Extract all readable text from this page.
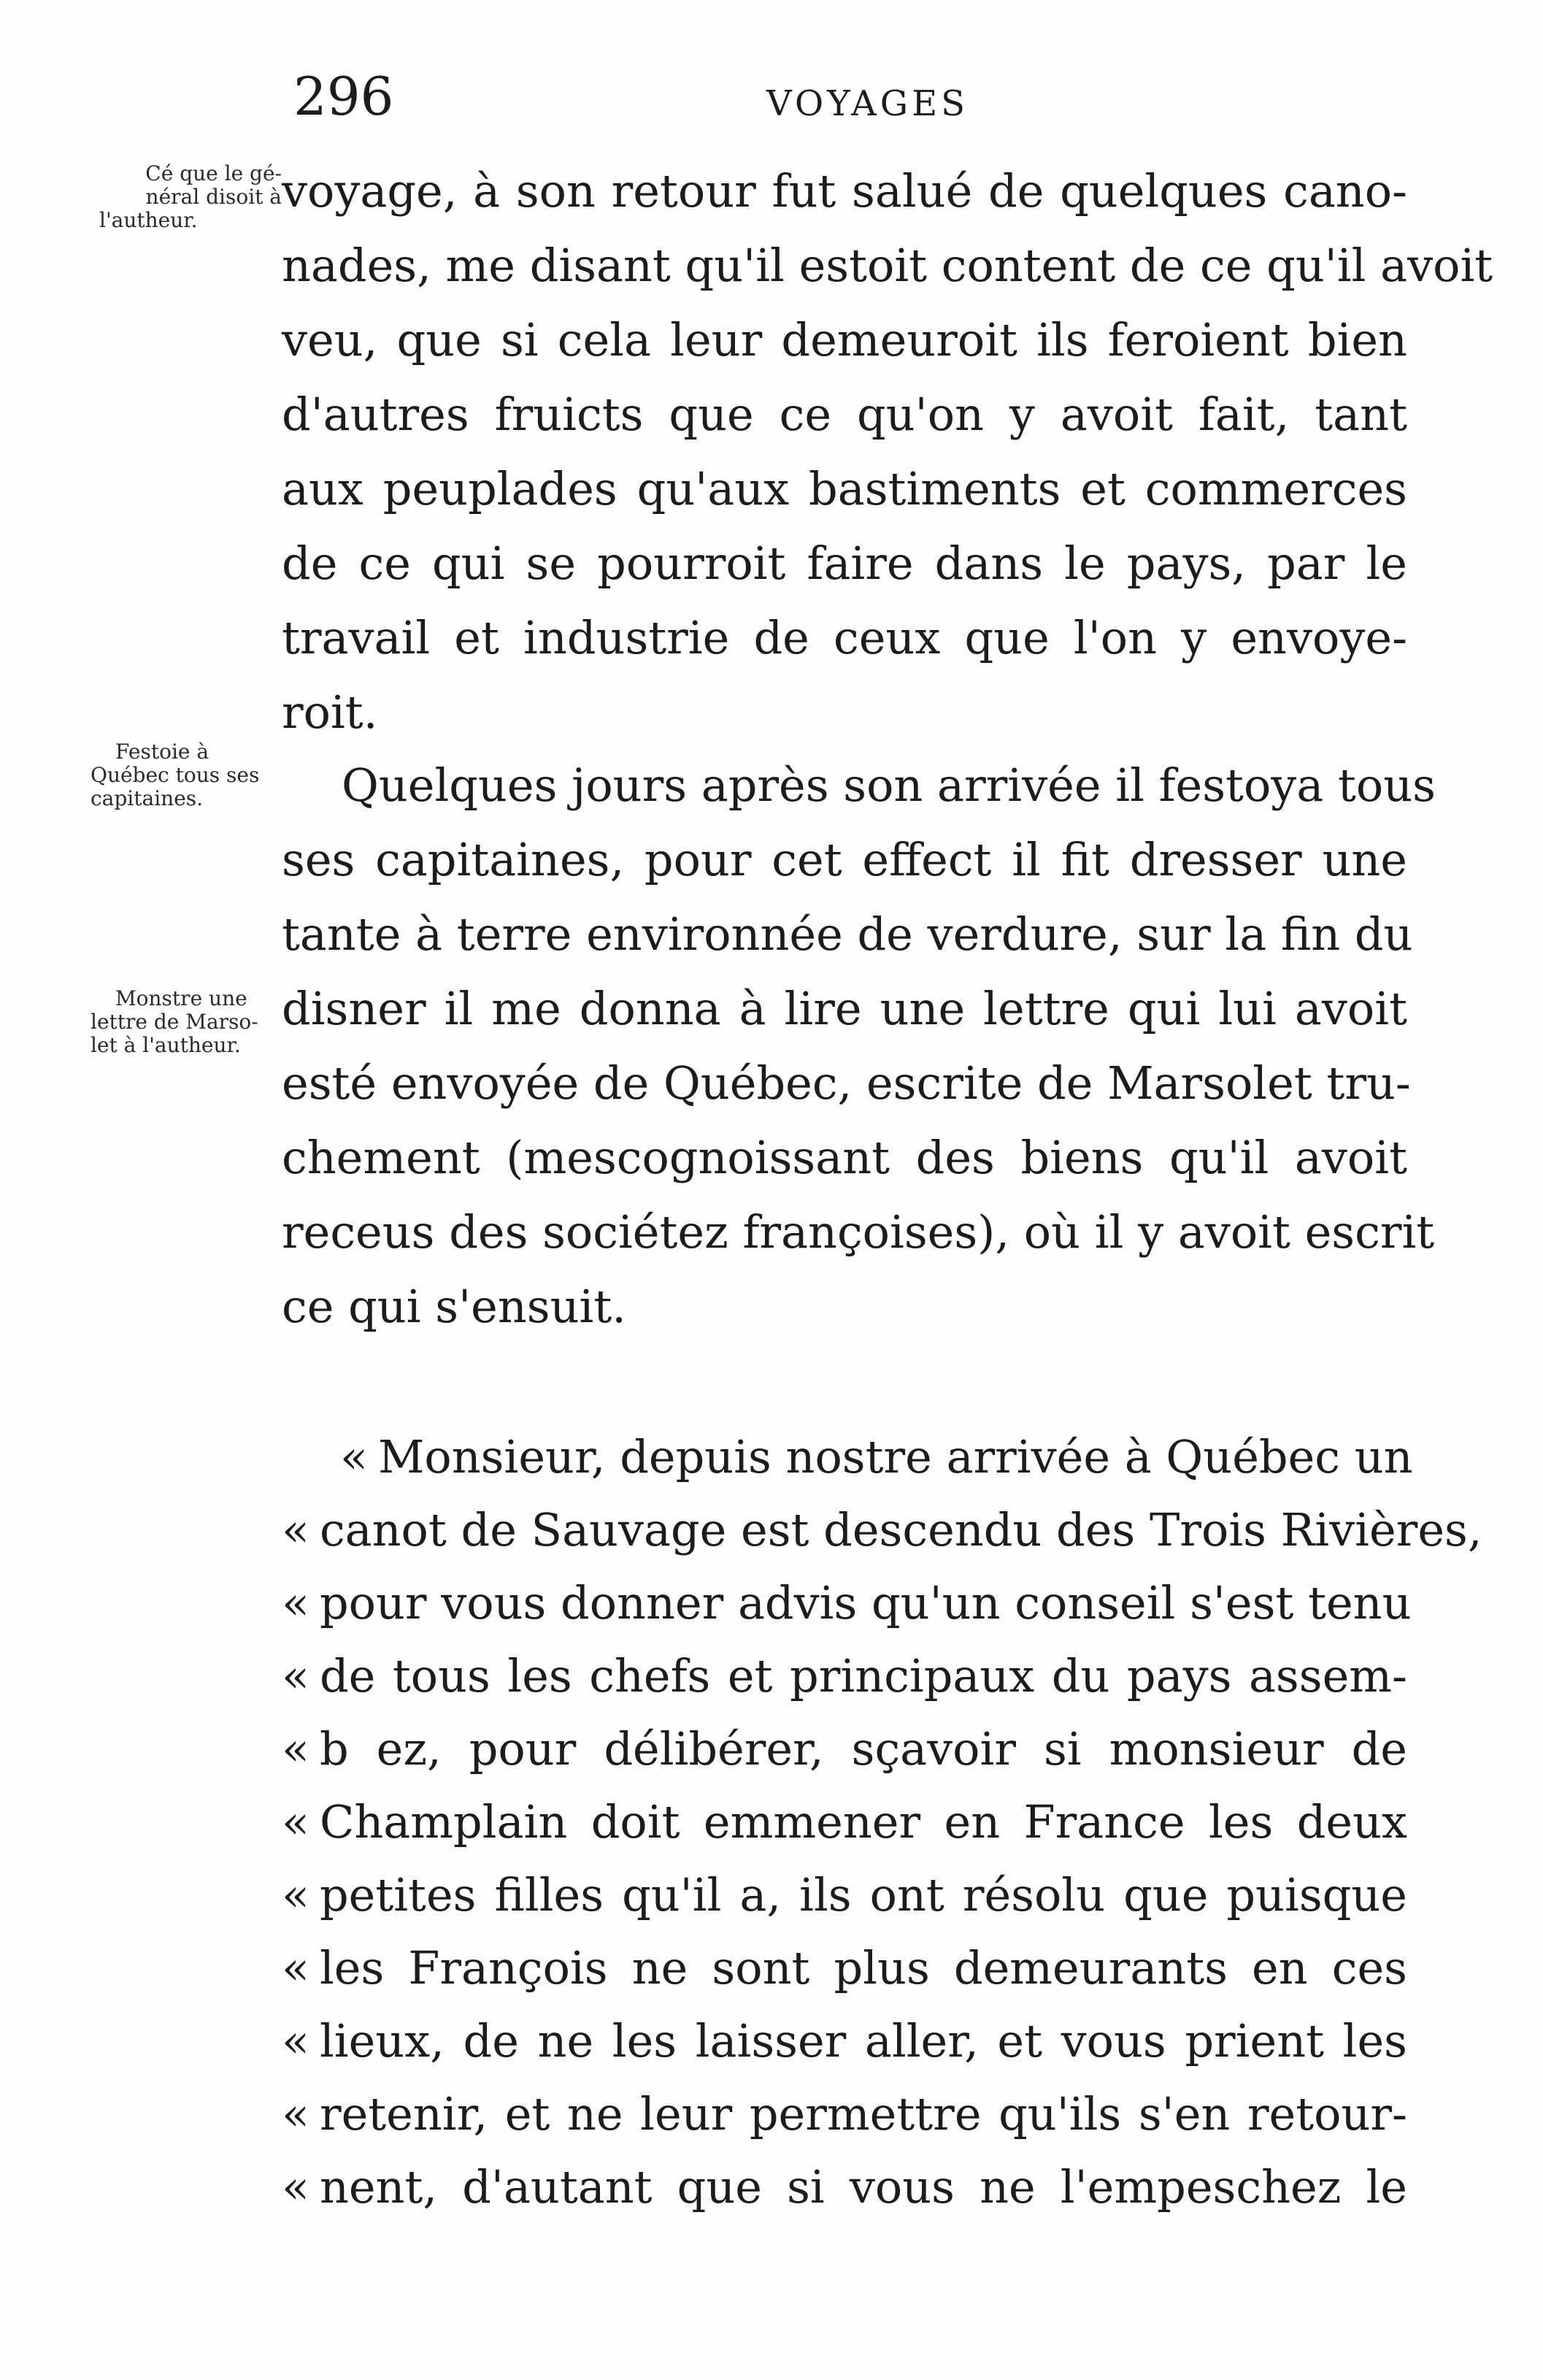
296	VOYAGES
Cé que le gé-
néral disoit à
l'autheur.
Festoie à
Québec tous ses
capitaines.
Monstre une
lettre de Marso-
let à l'autheur.
voyage, à son retour fut salué de quelques cano-
nades, me disant qu'il estoit content de ce qu'il avoit
veu, que si cela leur demeuroit ils feroient bien
d'autres fruicts que ce qu'on y avoit fait, tant
aux peuplades qu'aux bastiments et commerces
de ce qui se pourroit faire dans le pays, par le
travail et industrie de ceux que l'on y envoye-
roit.
Quelques jours après son arrivée il festoya tous
ses capitaines, pour cet effect il fit dresser une
tante à terre environnée de verdure, sur la fin du
disner il me donna à lire une lettre qui lui avoit
esté envoyée de Québec, escrite de Marsolet tru-
chement (mescognoissant des biens qu'il avoit
receus des sociétez françoises), où il y avoit escrit
ce qui s'ensuit.
« Monsieur, depuis nostre arrivée à Québec un
« canot de Sauvage est descendu des Trois Rivières,
« pour vous donner advis qu'un conseil s'est tenu
« de tous les chefs et principaux du pays assem-
« b ez, pour délibérer, sçavoir si monsieur de
« Champlain doit emmener en France les deux
« petites filles qu'il a, ils ont résolu que puisque
« les François ne sont plus demeurants en ces
« lieux, de ne les laisser aller, et vous prient les
« retenir, et ne leur permettre qu'ils s'en retour-
« nent, d'autant que si vous ne l'empeschez le
